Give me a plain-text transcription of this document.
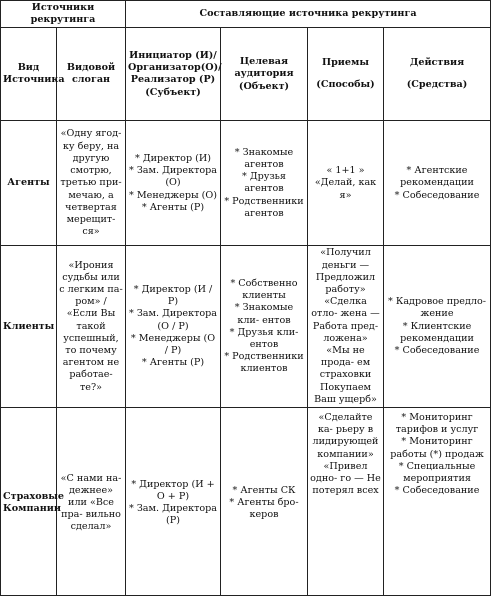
Источники рекрутинга		Составляющие источника рекрутинга			
Вид Источника	Видовой слоган	Инициатор (И)/ Организатор(О)/ Реализатор (Р) (Субъект)	Целевая аудитория (Объект)	Приемы
(Способы)	Действия
(Средства)

Агенты	«Одну ягод- ку беру, на другую смотрю, третью при- мечаю, а четвертая мерещит- ся»	* Директор (И)
* Зам. Директора (О)
* Менеджеры (О)
* Агенты (Р)	* Знакомые агентов
* Друзья агентов
* Родственники агентов	« 1+1 »
«Делай, как я»	* Агентские рекомендации
* Собеседование

Клиенты	«Ирония судьбы или с легким па- ром» / «Если Вы такой успешный, то почему агентом не работае- те?»	* Директор (И / Р)
* Зам. Директора (О / Р)
* Менеджеры (О / Р)
* Агенты (Р)	* Собственно клиенты
* Знакомые кли- ентов
* Друзья кли- ентов
* Родственники клиентов	«Получил деньги — Предложил работу»
«Сделка отло- жена — Работа пред- ложена»
«Мы не прода- ем страховки Покупаем Ваш ущерб»	* Кадровое предло- жение
* Клиентские рекомендации
* Собеседование

Страховые Компании	«С нами на- дежнее» или «Все пра- вильно сделал»	* Директор (И + О + Р)
* Зам. Директора (Р)	* Агенты СК
* Агенты бро- керов	«Сделайте ка- рьеру в лидирующей компании»
«Привел одно- го — Не потерял всех	* Мониторинг тарифов и услуг
* Мониторинг работы (*) продаж
* Специальные мероприятия
* Собеседование
